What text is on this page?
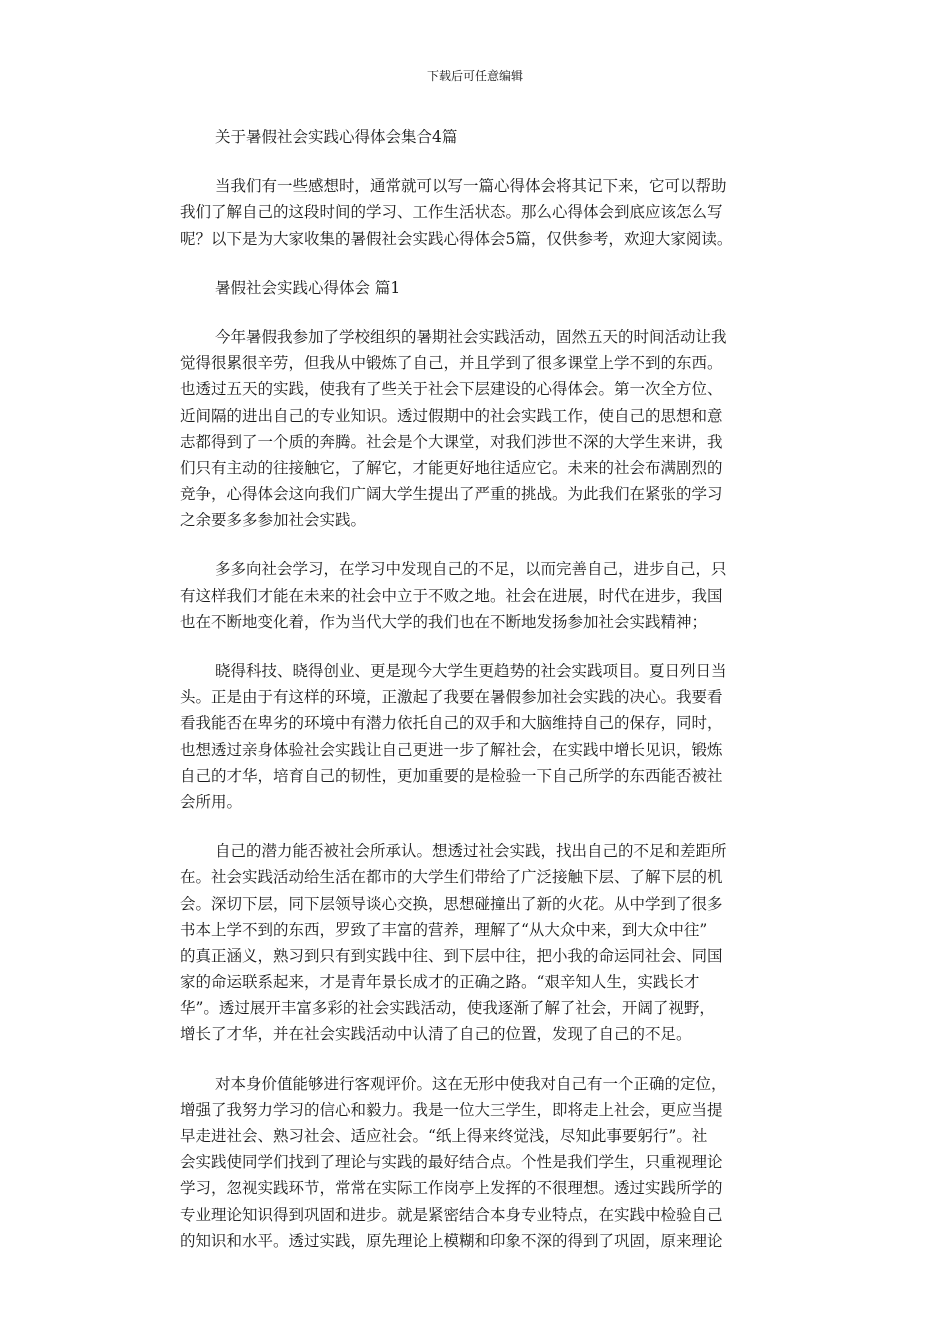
下载后可任意编辑
关于暑假社会实践心得体会集合4篇
当我们有一些感想时，通常就可以写一篇心得体会将其记下来，它可以帮助
我们了解自己的这段时间的学习、工作生活状态。那么心得体会到底应该怎么写
呢？以下是为大家收集的暑假社会实践心得体会5篇，仅供参考，欢迎大家阅读。
暑假社会实践心得体会 篇1
今年暑假我参加了学校组织的暑期社会实践活动，固然五天的时间活动让我
觉得很累很辛劳，但我从中锻炼了自己，并且学到了很多课堂上学不到的东西。
也透过五天的实践，使我有了些关于社会下层建设的心得体会。第一次全方位、
近间隔的进出自己的专业知识。透过假期中的社会实践工作，使自己的思想和意
志都得到了一个质的奔腾。社会是个大课堂，对我们涉世不深的大学生来讲，我
们只有主动的往接触它，了解它，才能更好地往适应它。未来的社会布满剧烈的
竞争，心得体会这向我们广阔大学生提出了严重的挑战。为此我们在紧张的学习
之余要多多参加社会实践。
多多向社会学习，在学习中发现自己的不足，以而完善自己，进步自己，只
有这样我们才能在未来的社会中立于不败之地。社会在进展，时代在进步，我国
也在不断地变化着，作为当代大学的我们也在不断地发扬参加社会实践精神；
晓得科技、晓得创业、更是现今大学生更趋势的社会实践项目。夏日列日当
头。正是由于有这样的环境，正激起了我要在暑假参加社会实践的决心。我要看
看我能否在卑劣的环境中有潜力依托自己的双手和大脑维持自己的保存，同时，
也想透过亲身体验社会实践让自己更进一步了解社会，在实践中增长见识，锻炼
自己的才华，培育自己的韧性，更加重要的是检验一下自己所学的东西能否被社
会所用。
自己的潜力能否被社会所承认。想透过社会实践，找出自己的不足和差距所
在。社会实践活动给生活在都市的大学生们带给了广泛接触下层、了解下层的机
会。深切下层，同下层领导谈心交换，思想碰撞出了新的火花。从中学到了很多
书本上学不到的东西，罗致了丰富的营养，理解了“从大众中来，到大众中往”
的真正涵义，熟习到只有到实践中往、到下层中往，把小我的命运同社会、同国
家的命运联系起来，才是青年景长成才的正确之路。“艰辛知人生，实践长才
华”。透过展开丰富多彩的社会实践活动，使我逐渐了解了社会，开阔了视野，
增长了才华，并在社会实践活动中认清了自己的位置，发现了自己的不足。
对本身价值能够进行客观评价。这在无形中使我对自己有一个正确的定位，
增强了我努力学习的信心和毅力。我是一位大三学生，即将走上社会，更应当提
早走进社会、熟习社会、适应社会。“纸上得来终觉浅，尽知此事要躬行”。社
会实践使同学们找到了理论与实践的最好结合点。个性是我们学生，只重视理论
学习，忽视实践环节，常常在实际工作岗亭上发挥的不很理想。透过实践所学的
专业理论知识得到巩固和进步。就是紧密结合本身专业特点，在实践中检验自己
的知识和水平。透过实践，原先理论上模糊和印象不深的得到了巩固，原来理论
